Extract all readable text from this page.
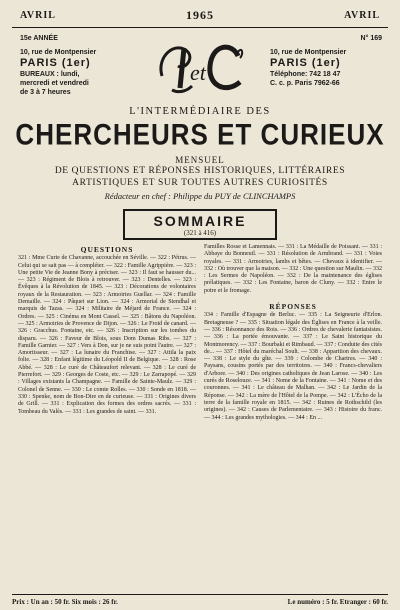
AVRIL	1965	AVRIL
15e ANNÉE
10, rue de Montpensier
PARIS (1er)
BUREAUX : lundi,
mercredi et vendredi
de 3 à 7 heures
et
N° 169
10, rue de Montpensier
PARIS (1er)
Téléphone: 742 18 47
C. c. p. Paris 7962-66
L'INTERMÉDIAIRE DES
CHERCHEURS ET CURIEUX
MENSUEL
DE QUESTIONS ET RÉPONSES HISTORIQUES, LITTÉRAIRES
ARTISTIQUES ET SUR TOUTES AUTRES CURIOSITÉS
Rédacteur en chef : Philippe du PUY de CLINCHAMPS
SOMMAIRE
(321 à 416)
QUESTIONS
321 : Mme Curie de Chavanne, accouchée en Séville. — 322 : Pétrus. — Celui qui se sait pas — à compléter. — 322 : Famille Agrippière. — 323 : Une petite Vie de Jeanne Bony à préciser. — 323 : Il faut se hausser du... — 323 : Régiment de Blois à retrouver. — 323 : Dentelles. — 323 : Évêques à la Révolution de 1845. — 323 : Décorations de volontaires royaux de la Restauration. — 323 : Armoiries Guellar. — 324 : Famille Demaille. — 324 : Pâquet sur Lion. — 324 : Armorial de Stendhal et marquis de Tazas. — 324 : Militaire de Méjard de France. — 324 : Ordres. — 325 : Cinéma en Mont Cassel. — 325 : Bâtons du Napoléon. — 325 : Armoiries de Provence de Dijon. — 326 : Le Froid de canard. — 326 : Gracchus. Fontaine, etc. — 326 : Inscription sur les tombes du disparu. — 326 : Faveur de Blois, sous Dom Dumas Ribs. — 327 : Famille Garnier. — 327 : Vers à Don, sur je ne suis point l'autre. — 327 : Amortisseur. — 327 : La lunaire du Franchise. — 327 : Attila la paix folie. — 328 : Enfant légitime du Léopold II de Belgique. — 328 : Rose Abbé. — 328 : Le curé de Châteaufort relevant. — 328 : Le curé de Pierrefort. — 329 : Georges de Coste, etc. — 329 : Le Zarrapopé. — 329 : Villages existants la Champagne. — Famille de Sainte-Maulz. — 329 : Colonel de Senne. — 330 : Le comte Rolles. — 330 : Sonde en 1818. — 330 : Spenke, nom de Bon-Dire en de curieuse. — 331 : Origines divers de Grill. — 331 : Explication des formes des ordres sacrés. — 331 : Tombeau du Valès. — 331 : Les grandes de saint. — 331.
Familles Rosse et Lamennais. — 331 : La Médaille de Poissant. — 331 : Abbaye du Bonneuil. — 331 : Résolution de Armbrand. — 331 : Voies royales. — 331 : Armoiries, lambs et bêtes. — Chevaux à identifier. — 332 : Où trouver que la maison. — 332 : Une question sur Maulin. — 332 : Les Sermes de Napoléon. — 332 : De la maintenance des églises prélatiques. — 332 : Les Fontaine, baron de Cluny. — 332 : Entre le potre et le fromage.
RÉPONSES
334 : Famille d'Espagne de Berluc. — 335 : La Seigneurie d'Erlon. Bretagneuse ? — 335 : Situation légale des Églises en France à la veille. — 336 : Résonnance des Rois. — 336 : Ordres de chevalerie fantaisistes. — 336 : La portée émouvante. — 337 : Le Saint historique du Montmorency. — 337 : Bourbaki et Rimbaud. — 337 : Conduite des cités de... — 337 : Hôtel du maréchal Soult. — 338 : Apparition des chevaux. — 338 : Le style du gîte. — 339 : Colombe de Chartres. — 340 : Paysans, cousins portés par des territoires. — 340 : Francs-chevaliers d'Arbore. — 340 : Des origines catholiques de Jean Larose. — 340 : Les curés de Roselouze. — 341 : Nome de la Fontaine. — 341 : Nome et des couronnes. — 341 : Le château de Malhan. — 342 : Le Jardin de la Réponse. — 342 : La mère de l'Hôtel de la Pompe. — 342 : L'Écho de la terre de la famille royale en 1815. — 342 : Ruines de Rothschild (les origines). — 342 : Causes de Parlementaire. — 343 : Histoire du franc. — 344 : Les grandes mythologies. — 344 : En ...
Prix : Un an : 50 fr. Six mois : 26 fr.	Le numéro : 5 fr. Etranger : 60 fr.
